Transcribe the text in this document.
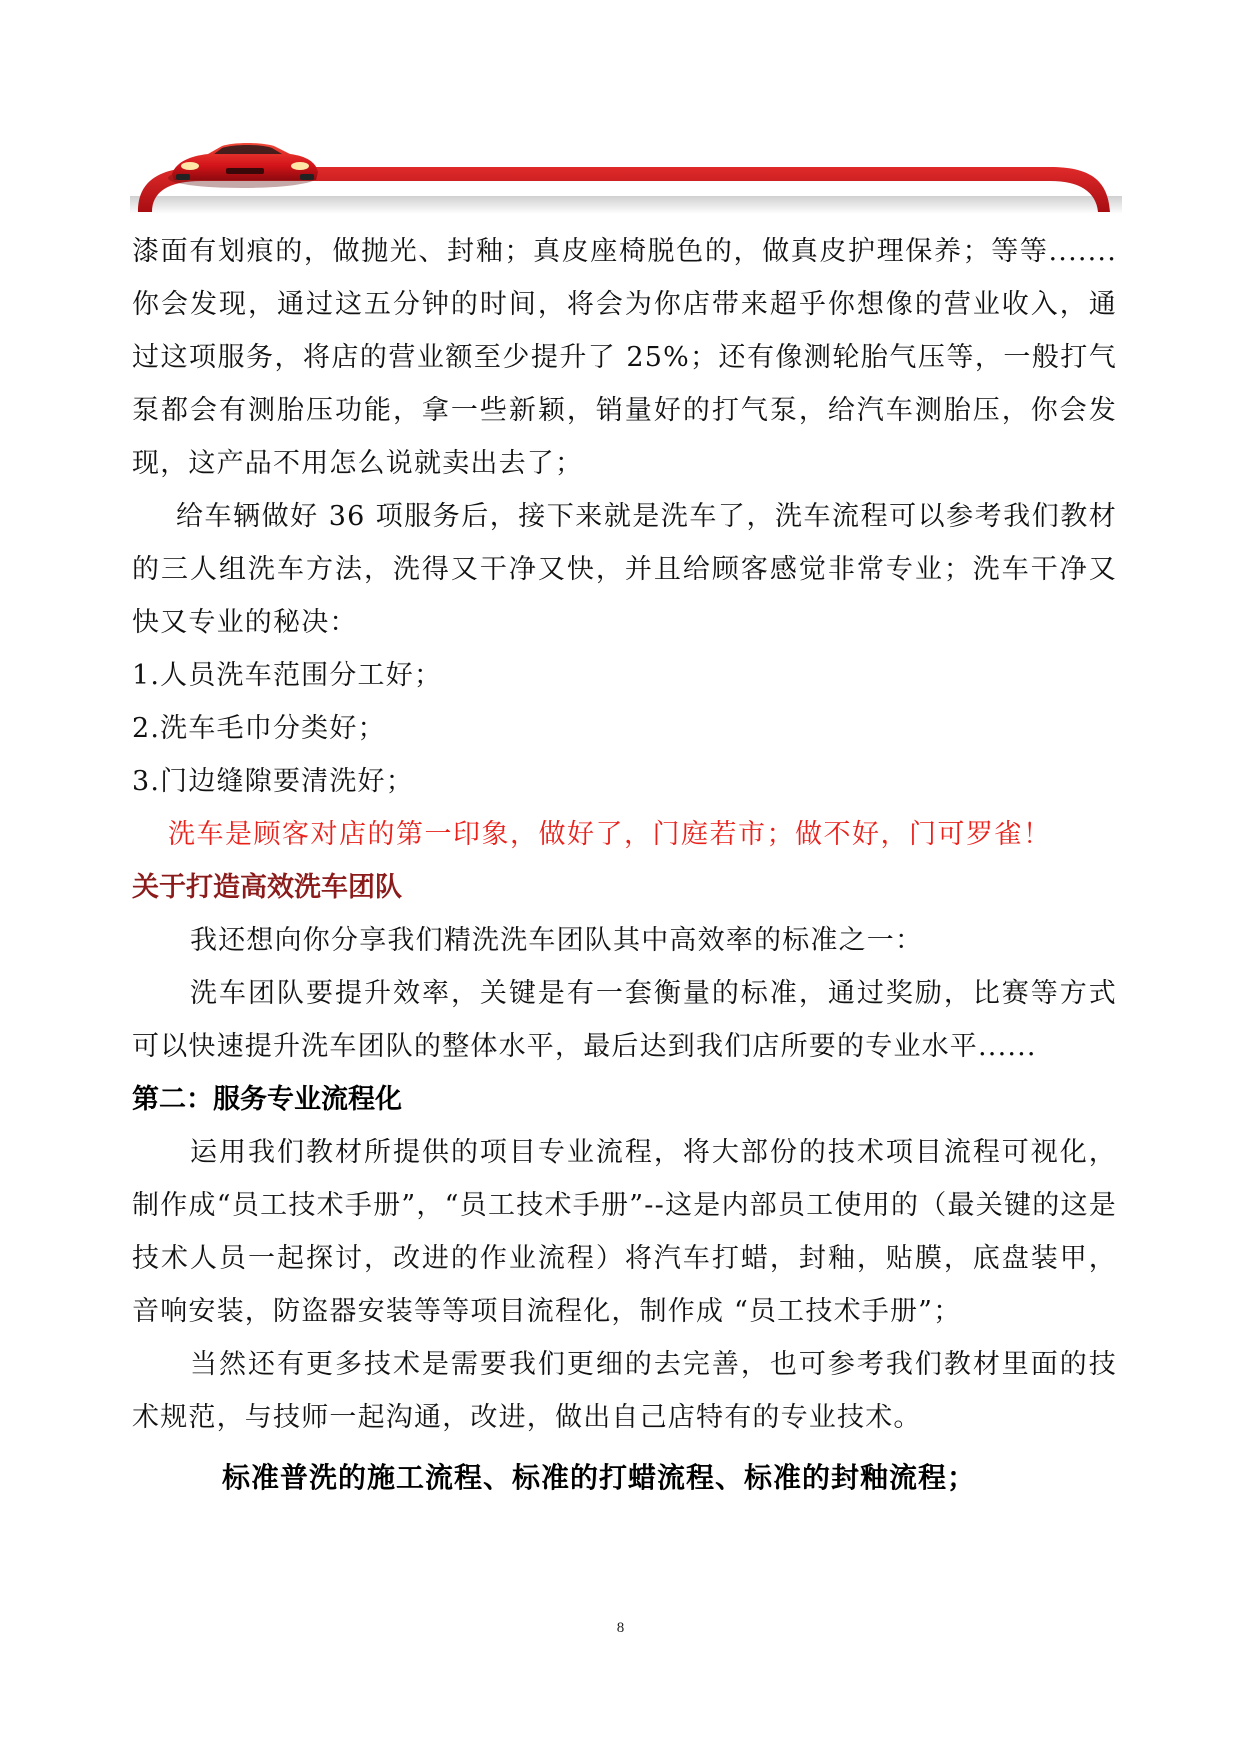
漆面有划痕的，做抛光、封釉；真皮座椅脱色的，做真皮护理保养；等等.......你会发现，通过这五分钟的时间，将会为你店带来超乎你想像的营业收入，通过这项服务，将店的营业额至少提升了 25%；还有像测轮胎气压等，一般打气泵都会有测胎压功能，拿一些新颖，销量好的打气泵，给汽车测胎压，你会发现，这产品不用怎么说就卖出去了；

给车辆做好 36 项服务后，接下来就是洗车了，洗车流程可以参考我们教材的三人组洗车方法，洗得又干净又快，并且给顾客感觉非常专业；洗车干净又快又专业的秘决：

1.人员洗车范围分工好；

2.洗车毛巾分类好；

3.门边缝隙要清洗好；

洗车是顾客对店的第一印象，做好了，门庭若市；做不好，门可罗雀！

关于打造高效洗车团队

我还想向你分享我们精洗洗车团队其中高效率的标准之一：

洗车团队要提升效率，关键是有一套衡量的标准，通过奖励，比赛等方式可以快速提升洗车团队的整体水平，最后达到我们店所要的专业水平......

第二：服务专业流程化

运用我们教材所提供的项目专业流程，将大部份的技术项目流程可视化，制作成“员工技术手册”，“员工技术手册”--这是内部员工使用的（最关键的这是技术人员一起探讨，改进的作业流程）将汽车打蜡，封釉，贴膜，底盘装甲，音响安装，防盗器安装等等项目流程化，制作成 “员工技术手册”；

当然还有更多技术是需要我们更细的去完善，也可参考我们教材里面的技术规范，与技师一起沟通，改进，做出自己店特有的专业技术。

标准普洗的施工流程、标准的打蜡流程、标准的封釉流程；

8
